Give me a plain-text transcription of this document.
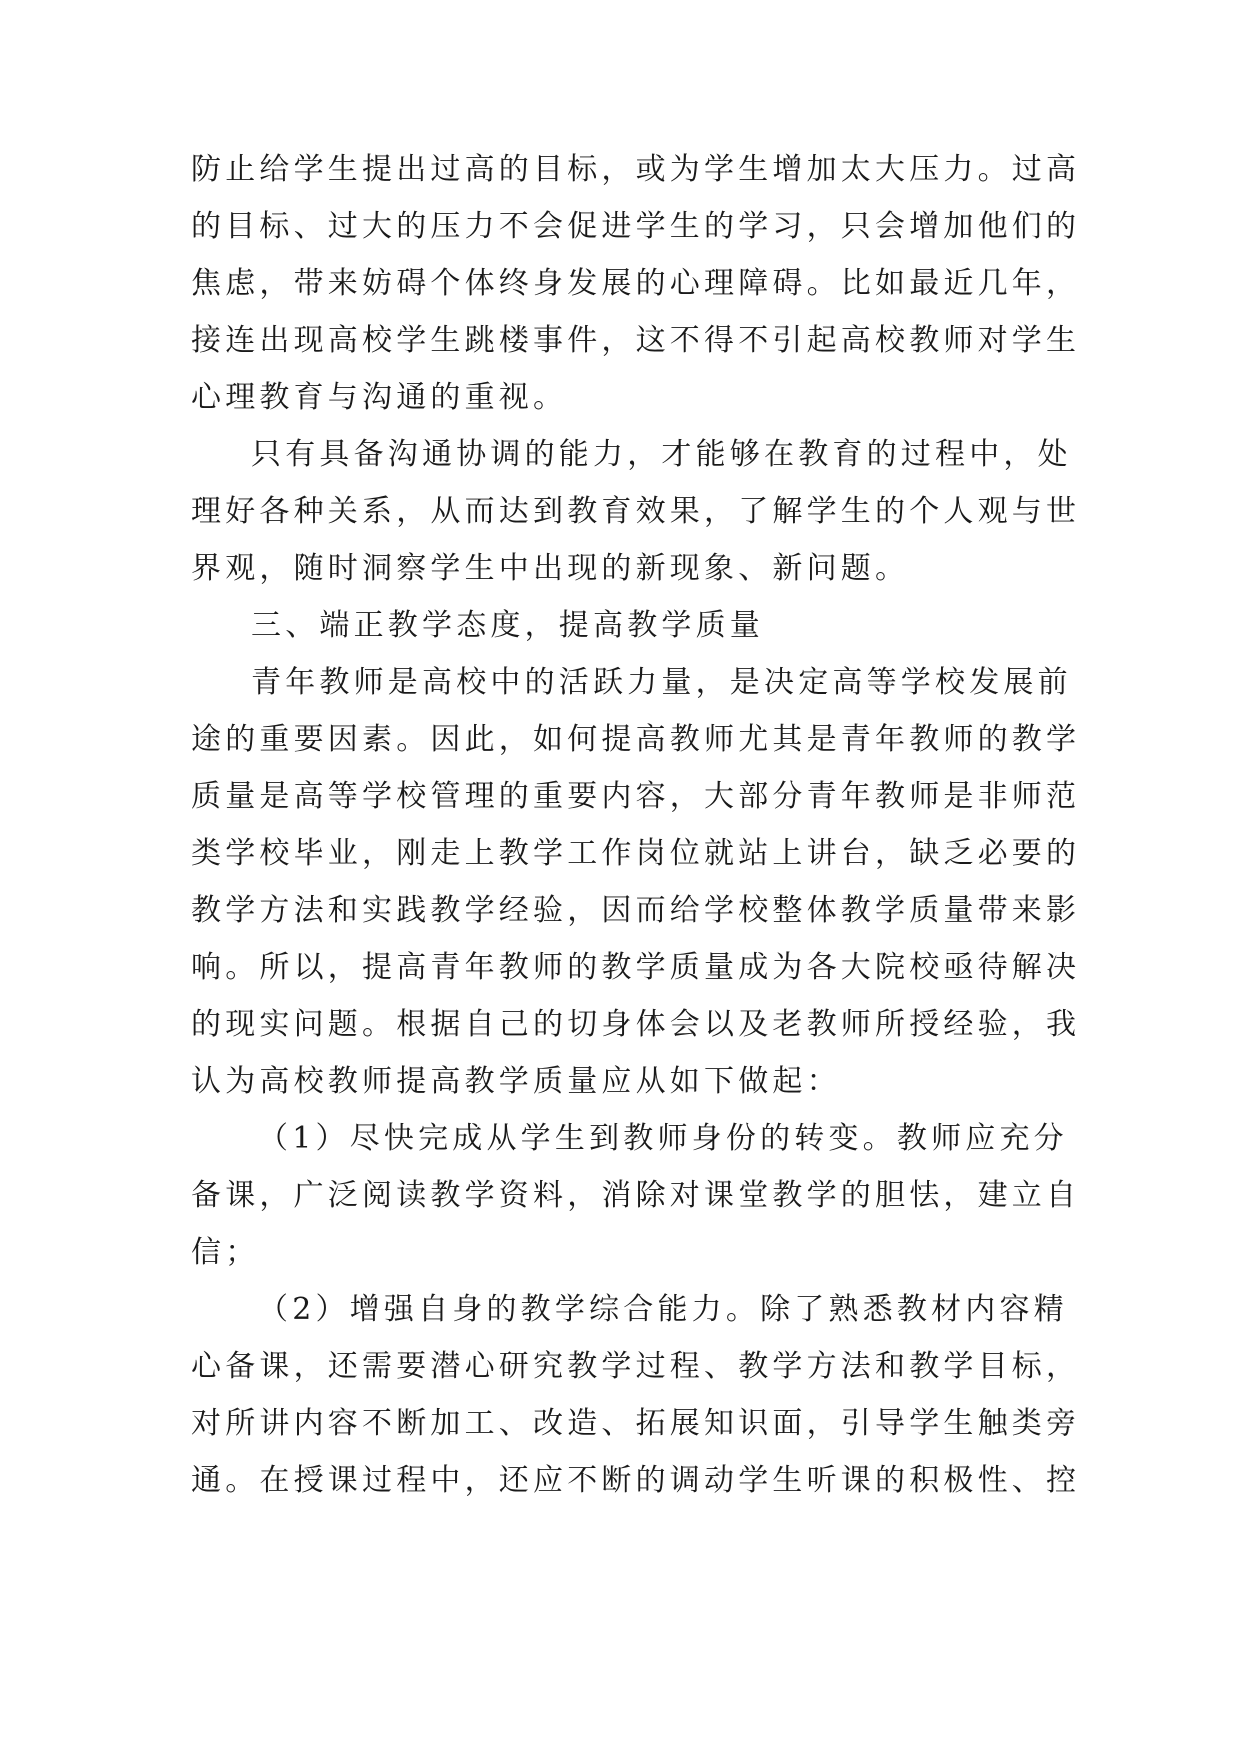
防止给学生提出过高的目标，或为学生增加太大压力。过高
的目标、过大的压力不会促进学生的学习，只会增加他们的
焦虑，带来妨碍个体终身发展的心理障碍。比如最近几年，
接连出现高校学生跳楼事件，这不得不引起高校教师对学生
心理教育与沟通的重视。
只有具备沟通协调的能力，才能够在教育的过程中，处
理好各种关系，从而达到教育效果，了解学生的个人观与世
界观，随时洞察学生中出现的新现象、新问题。
三、端正教学态度，提高教学质量
青年教师是高校中的活跃力量，是决定高等学校发展前
途的重要因素。因此，如何提高教师尤其是青年教师的教学
质量是高等学校管理的重要内容，大部分青年教师是非师范
类学校毕业，刚走上教学工作岗位就站上讲台，缺乏必要的
教学方法和实践教学经验，因而给学校整体教学质量带来影
响。所以，提高青年教师的教学质量成为各大院校亟待解决
的现实问题。根据自己的切身体会以及老教师所授经验，我
认为高校教师提高教学质量应从如下做起：
（1）尽快完成从学生到教师身份的转变。教师应充分
备课，广泛阅读教学资料，消除对课堂教学的胆怯，建立自
信；
（2）增强自身的教学综合能力。除了熟悉教材内容精
心备课，还需要潜心研究教学过程、教学方法和教学目标，
对所讲内容不断加工、改造、拓展知识面，引导学生触类旁
通。在授课过程中，还应不断的调动学生听课的积极性、控
